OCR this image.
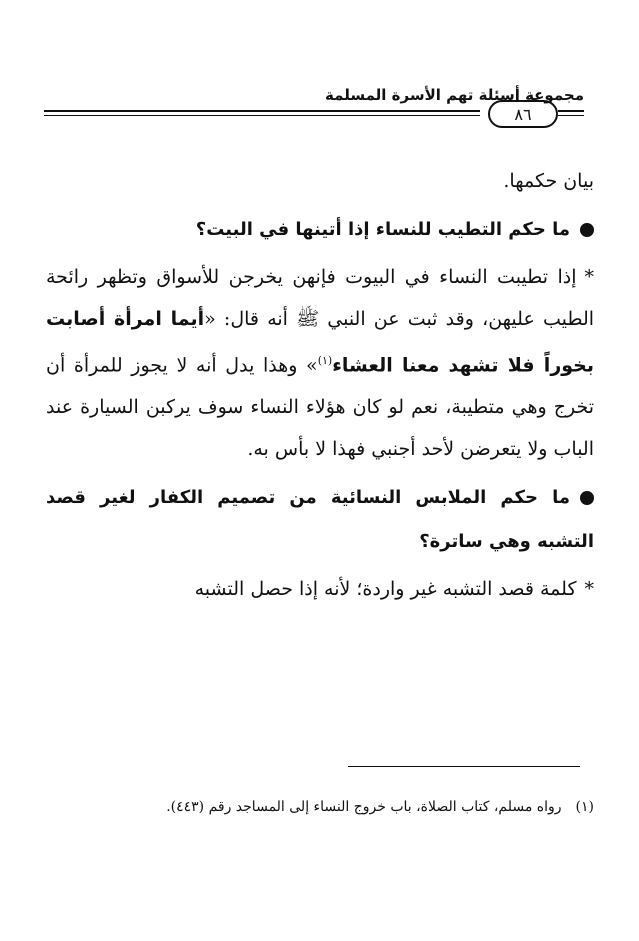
مجموعة أسئلة تهم الأسرة المسلمة
٨٦

بيان حكمها.

ما حكم التطيب للنساء إذا أتينها في البيت؟

*إذا تطيبت النساء في البيوت فإنهن يخرجن للأسواق وتظهر رائحة الطيب عليهن، وقد ثبت عن النبي ﷺ أنه قال: «أيما امرأة أصابت بخوراً فلا تشهد معنا العشاء$^{(١)}$» وهذا يدل أنه لا يجوز للمرأة أن تخرج وهي متطيبة، نعم لو كان هؤلاء النساء سوف يركبن السيارة عند الباب ولا يتعرضن لأحد أجنبي فهذا لا بأس به.

ما حكم الملابس النسائية من تصميم الكفار لغير قصد التشبه وهي ساترة؟

*كلمة قصد التشبه غير واردة؛ لأنه إذا حصل التشبه

(١)رواه مسلم، كتاب الصلاة، باب خروج النساء إلى المساجد رقم (٤٤٣).
